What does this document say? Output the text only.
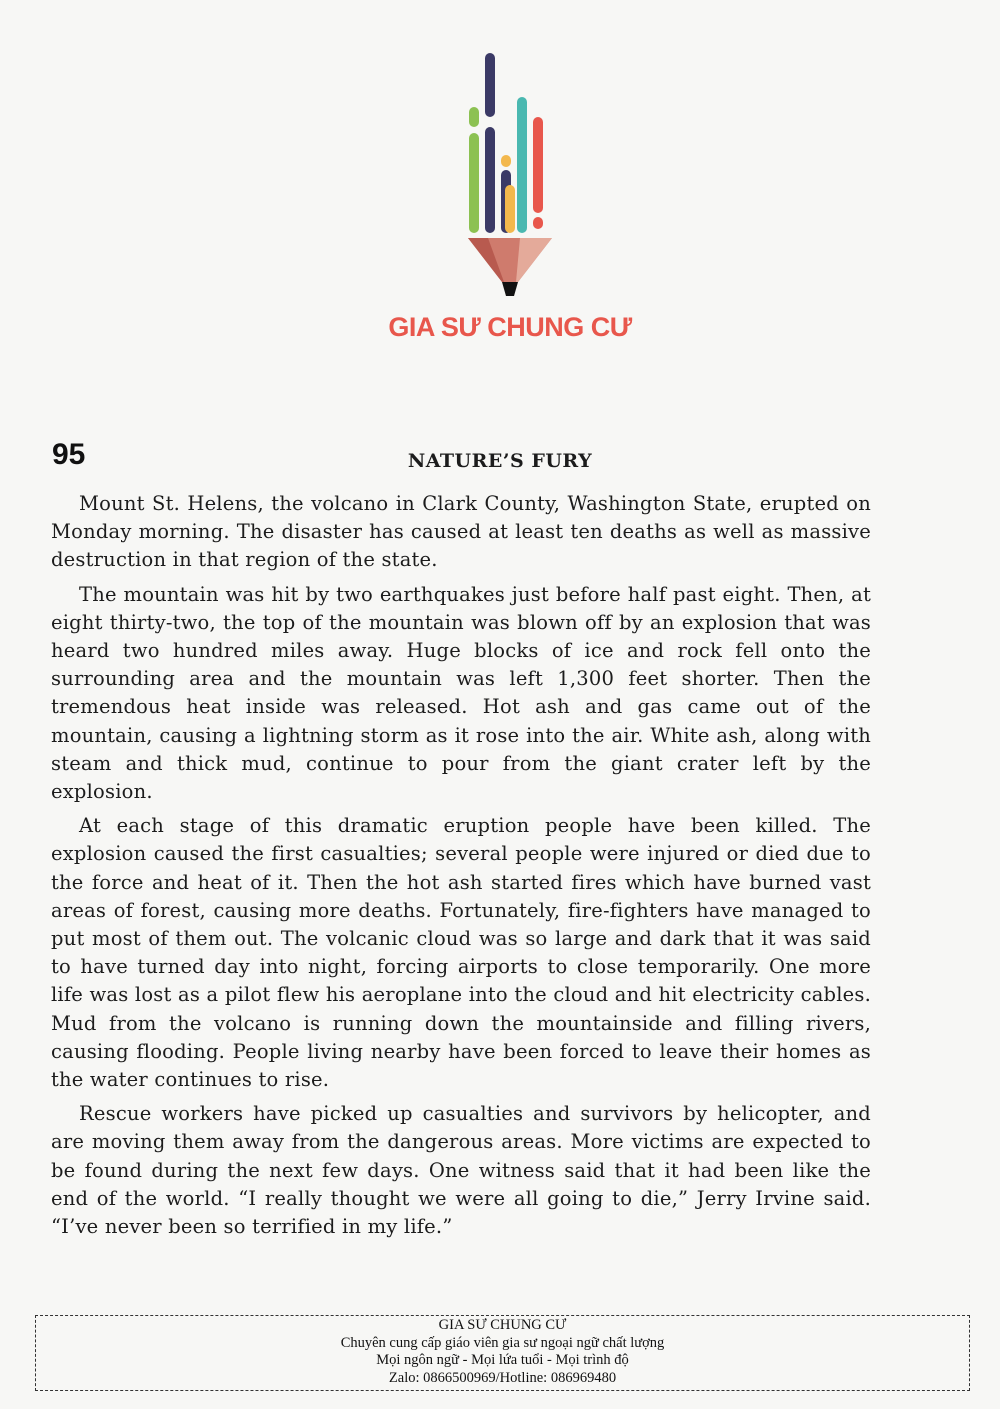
GIA SƯ CHUNG CƯ
95	NATURE’S FURY

Mount St. Helens, the volcano in Clark County, Washington State, erupted on Monday morning. The disaster has caused at least ten deaths as well as massive destruction in that region of the state.

The mountain was hit by two earthquakes just before half past eight. Then, at eight thirty-two, the top of the mountain was blown off by an explosion that was heard two hundred miles away. Huge blocks of ice and rock fell onto the surrounding area and the mountain was left 1,300 feet shorter. Then the tremendous heat inside was released. Hot ash and gas came out of the mountain, causing a lightning storm as it rose into the air. White ash, along with steam and thick mud, continue to pour from the giant crater left by the explosion.

At each stage of this dramatic eruption people have been killed. The explosion caused the first casualties; several people were injured or died due to the force and heat of it. Then the hot ash started fires which have burned vast areas of forest, causing more deaths. Fortunately, fire-fighters have managed to put most of them out. The volcanic cloud was so large and dark that it was said to have turned day into night, forcing airports to close temporarily. One more life was lost as a pilot flew his aeroplane into the cloud and hit electricity cables. Mud from the volcano is running down the mountainside and filling rivers, causing flooding. People living nearby have been forced to leave their homes as the water continues to rise.

Rescue workers have picked up casualties and survivors by helicopter, and are moving them away from the dangerous areas. More victims are expected to be found during the next few days. One witness said that it had been like the end of the world. “I really thought we were all going to die,” Jerry Irvine said. “I’ve never been so terrified in my life.”

GIA SƯ CHUNG CƯ
Chuyên cung cấp giáo viên gia sư ngoại ngữ chất lượng
Mọi ngôn ngữ - Mọi lứa tuổi - Mọi trình độ
Zalo: 0866500969/Hotline: 086969480
